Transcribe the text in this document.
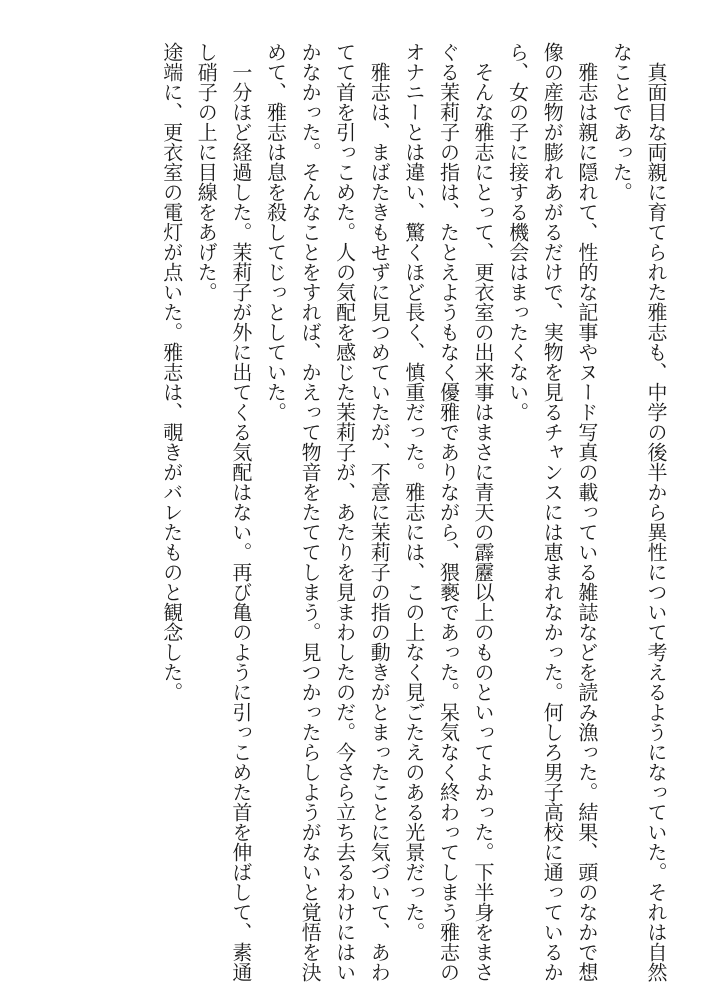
真面目な両親に育てられた雅志も、中学の後半から異性について考えるようになっていた。それは自然なことであった。

雅志は親に隠れて、性的な記事やヌード写真の載っている雑誌などを読み漁った。結果、頭のなかで想像の産物が膨れあがるだけで、実物を見るチャンスには恵まれなかった。何しろ男子高校に通っているから、女の子に接する機会はまったくない。

そんな雅志にとって、更衣室の出来事はまさに青天の霹靂以上のものといってよかった。下半身をまさぐる茉莉子の指は、たとえようもなく優雅でありながら、猥褻であった。呆気なく終わってしまう雅志のオナニーとは違い、驚くほど長く、慎重だった。雅志には、この上なく見ごたえのある光景だった。

雅志は、まばたきもせずに見つめていたが、不意に茉莉子の指の動きがとまったことに気づいて、あわてて首を引っこめた。人の気配を感じた茉莉子が、あたりを見まわしたのだ。今さら立ち去るわけにはいかなかった。そんなことをすれば、かえって物音をたててしまう。見つかったらしようがないと覚悟を決めて、雅志は息を殺してじっとしていた。

一分ほど経過した。茉莉子が外に出てくる気配はない。再び亀のように引っこめた首を伸ばして、素通し硝子の上に目線をあげた。

途端に、更衣室の電灯が点いた。雅志は、覗きがバレたものと観念した。
